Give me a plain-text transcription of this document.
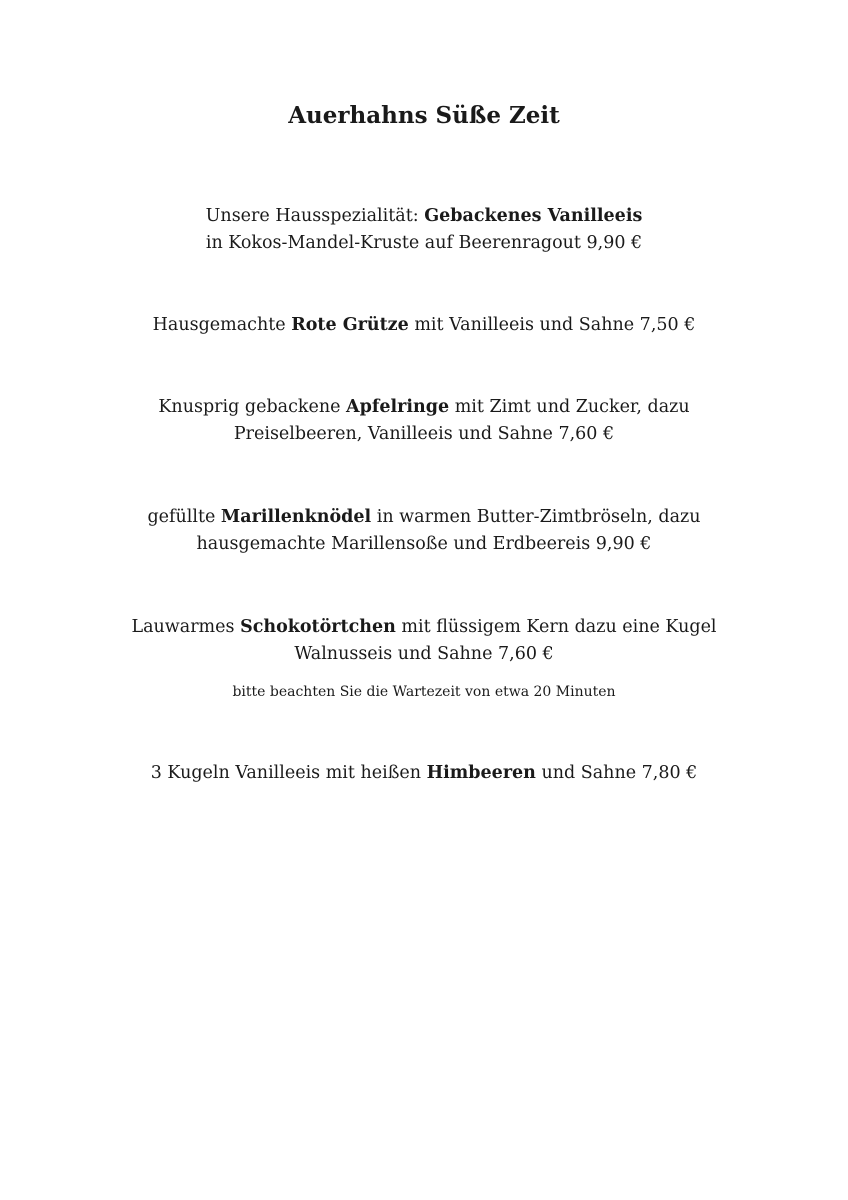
Auerhahns Süße Zeit
Unsere Hausspezialität: Gebackenes Vanilleeis
in Kokos-Mandel-Kruste auf Beerenragout 9,90 €
Hausgemachte Rote Grütze mit Vanilleeis und Sahne 7,50 €
Knusprig gebackene Apfelringe mit Zimt und Zucker, dazu
Preiselbeeren, Vanilleeis und Sahne 7,60 €
gefüllte Marillenknödel in warmen Butter-Zimtbröseln, dazu
hausgemachte Marillensoße und Erdbeereis 9,90 €
Lauwarmes Schokotörtchen mit flüssigem Kern dazu eine Kugel
Walnusseis und Sahne 7,60 €
bitte beachten Sie die Wartezeit von etwa 20 Minuten
3 Kugeln Vanilleeis mit heißen Himbeeren und Sahne 7,80 €
